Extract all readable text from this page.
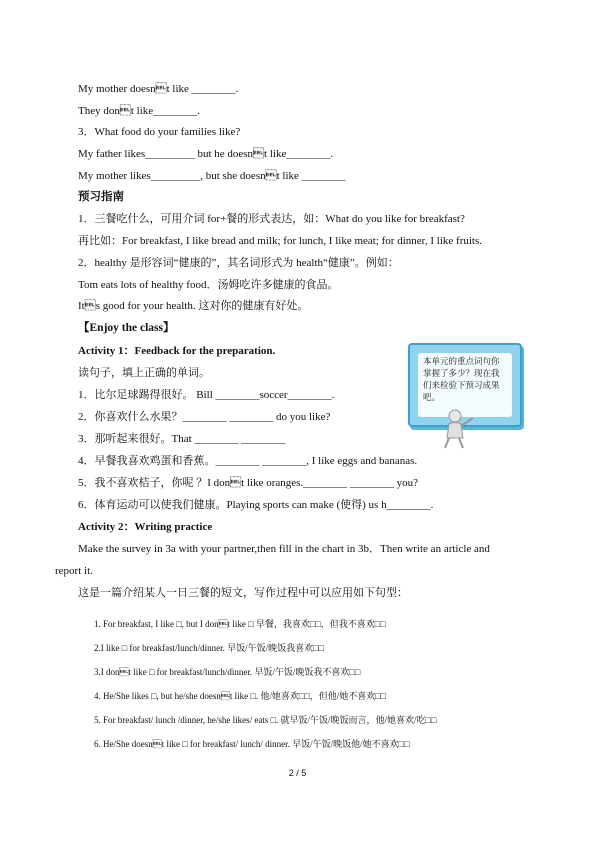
My mother doesnt like ________.
They dont like________.
3．What food do your families like?
My father likes_________ but he doesnt like________.
My mother likes_________, but she doesnt like ________
预习指南
1．三餐吃什么，可用介词 for+餐的形式表达，如：What do you like for breakfast?
再比如：For breakfast, I like bread and milk; for lunch, I like meat; for dinner, I like fruits.
2．healthy 是形容词“健康的”，其名词形式为 health“健康”。例如：
Tom eats lots of healthy food．汤姆吃许多健康的食品。
Its good for your health. 这对你的健康有好处。
【Enjoy the class】
Activity 1：Feedback for the preparation.
读句子，填上正确的单词。
1．比尔足球踢得很好。 Bill ________soccer________.
2．你喜欢什么水果？________ ________ do you like?
3．那听起来很好。That ________ ________
4．早餐我喜欢鸡蛋和香蕉。________ ________, I like eggs and bananas.
5．我不喜欢桔子，你呢 ？I dont like oranges.________ ________ you?
6．体育运动可以使我们健康。Playing sports can make (使得) us h________.
Activity 2：Writing practice
Make the survey in 3a with your partner,then fill in the chart in 3b．Then write an article and
report it.
这是一篇介绍某人一日三餐的短文，写作过程中可以应用如下句型：
1. For breakfast, I like □, but I dont like □ 早餐，我喜欢□□，但我不喜欢□□
2.I like □ for breakfast/lunch/dinner. 早饭/午饭/晚饭我喜欢□□
3.I dont like □ for breakfast/lunch/dinner. 早饭/午饭/晚饭我不喜欢□□
4. He/She likes □, but he/she doesnt like □. 他/她喜欢□□，但他/她不喜欢□□
5. For breakfast/ lunch /dinner, he/she likes/ eats □. 就早饭/午饭/晚饭而言，他/她喜欢/吃□□
6. He/She doesnt like □ for breakfast/ lunch/ dinner. 早饭/午饭/晚饭他/她不喜欢□□
本单元的重点词句你掌握了多少？现在我们来检验下预习成果吧。
2 / 5
